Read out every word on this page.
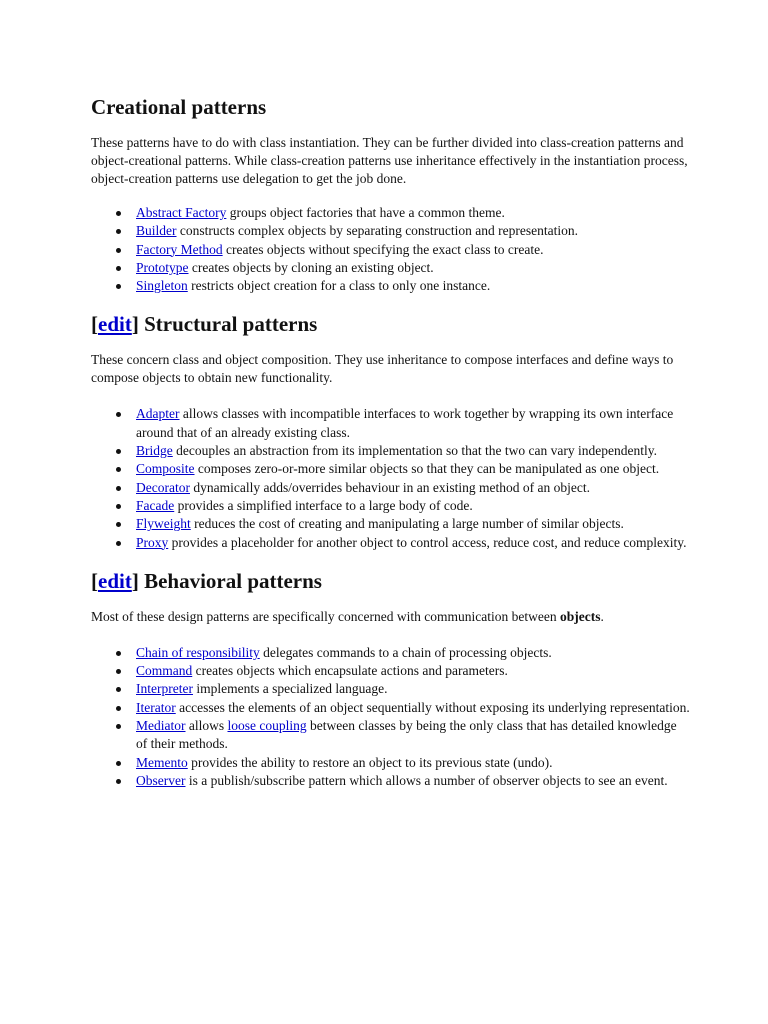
Creational patterns

These patterns have to do with class instantiation. They can be further divided into class-creation patterns and object-creational patterns. While class-creation patterns use inheritance effectively in the instantiation process, object-creation patterns use delegation to get the job done.

Abstract Factory groups object factories that have a common theme.
Builder constructs complex objects by separating construction and representation.
Factory Method creates objects without specifying the exact class to create.
Prototype creates objects by cloning an existing object.
Singleton restricts object creation for a class to only one instance.
[edit] Structural patterns

These concern class and object composition. They use inheritance to compose interfaces and define ways to compose objects to obtain new functionality.

Adapter allows classes with incompatible interfaces to work together by wrapping its own interface around that of an already existing class.
Bridge decouples an abstraction from its implementation so that the two can vary independently.
Composite composes zero-or-more similar objects so that they can be manipulated as one object.
Decorator dynamically adds/overrides behaviour in an existing method of an object.
Facade provides a simplified interface to a large body of code.
Flyweight reduces the cost of creating and manipulating a large number of similar objects.
Proxy provides a placeholder for another object to control access, reduce cost, and reduce complexity.
[edit] Behavioral patterns

Most of these design patterns are specifically concerned with communication between objects.

Chain of responsibility delegates commands to a chain of processing objects.
Command creates objects which encapsulate actions and parameters.
Interpreter implements a specialized language.
Iterator accesses the elements of an object sequentially without exposing its underlying representation.
Mediator allows loose coupling between classes by being the only class that has detailed knowledge of their methods.
Memento provides the ability to restore an object to its previous state (undo).
Observer is a publish/subscribe pattern which allows a number of observer objects to see an event.
